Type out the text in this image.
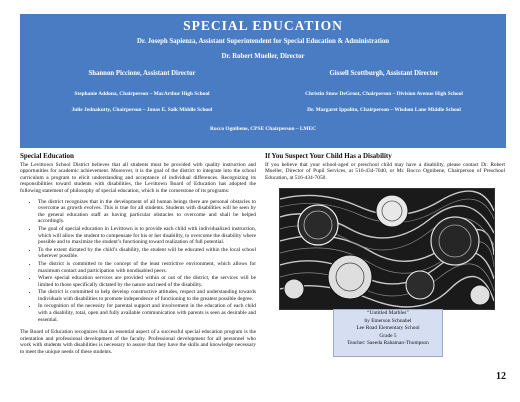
SPECIAL EDUCATION
Dr. Joseph Sapienza, Assistant Superintendent for Special Education & Administration
Dr. Robert Mueller, Director
Shannon Piccione, Assistant Director
Stephanie Addona, Chairperson – MacArthur High School
Julie Jednakutty, Chairperson – Jonas E. Salk Middle School
Gissell Scottburgh, Assistant Director
Christin Snow DeGroot, Chairperson – Division Avenue High School
Dr. Margaret Ippolito, Chairperson – Wisdom Lane Middle School
Rocco Ognibene, CPSE Chairperson – LMEC
Special Education

The Levittown School District believes that all students must be provided with quality instruction and opportunities for academic achievement. Moreover, it is the goal of the district to integrate into the school curriculum a program to elicit understanding and acceptance of individual differences. Recognizing its responsibilities toward students with disabilities, the Levittown Board of Education has adopted the following statement of philosophy of special education, which is the cornerstone of its programs:

• The district recognizes that in the development of all human beings there are personal obstacles to overcome as growth evolves. This is true for all students. Students with disabilities will be seen by the general education staff as having particular obstacles to overcome and shall be helped accordingly.
• The goal of special education in Levittown is to provide each child with individualized instruction, which will allow the student to compensate for his or her disability, to overcome the disability where possible and to maximize the student’s functioning toward realization of full potential.
• To the extent dictated by the child’s disability, the student will be educated within the local school wherever possible.
• The district is committed to the concept of the least restrictive environment, which allows for maximum contact and participation with nondisabled peers.
• Where special education services are provided within or out of the district, the services will be limited to those specifically dictated by the nature and need of the disability.
• The district is committed to help develop constructive attitudes, respect and understanding towards individuals with disabilities to promote independence of functioning to the greatest possible degree.
• In recognition of the necessity for parental support and involvement in the education of each child with a disability, total, open and fully available communication with parents is seen as desirable and essential.

The Board of Education recognizes that an essential aspect of a successful special education program is the orientation and professional development of the faculty. Professional development for all personnel who work with students with disabilities is necessary to assure that they have the skills and knowledge necessary to meet the unique needs of these students.

If You Suspect Your Child Has a Disability

If you believe that your school-aged or preschool child may have a disability, please contact Dr. Robert Mueller, Director of Pupil Services, at 516-434-7040, or Mr. Rocco Ognibene, Chairperson of Preschool Education, at 516-434-7050.

“Untitled Marbles”
by Emerson Schnabel
Lee Road Elementary School
Grade 5
Teacher: Saeeda Rahaman-Thompson
12
